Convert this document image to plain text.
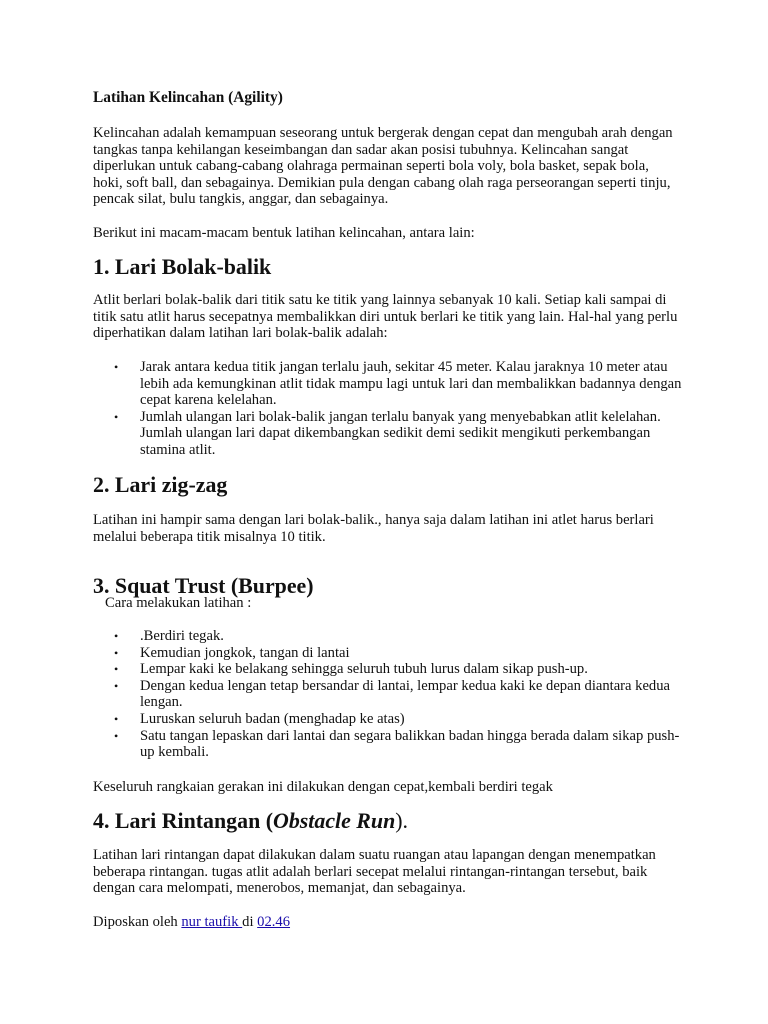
Latihan Kelincahan (Agility)

Kelincahan adalah kemampuan seseorang untuk bergerak dengan cepat dan mengubah arah dengan tangkas tanpa kehilangan keseimbangan dan sadar akan posisi tubuhnya. Kelincahan sangat diperlukan untuk cabang-cabang olahraga permainan seperti bola voly, bola basket, sepak bola, hoki, soft ball, dan sebagainya. Demikian pula dengan cabang olah raga perseorangan seperti tinju, pencak silat, bulu tangkis, anggar, dan sebagainya.

Berikut ini macam-macam bentuk latihan kelincahan, antara lain:

1. Lari Bolak-balik

Atlit berlari bolak-balik dari titik satu ke titik yang lainnya sebanyak 10 kali. Setiap kali sampai di titik satu atlit harus secepatnya membalikkan diri untuk berlari ke titik yang lain. Hal-hal yang perlu diperhatikan dalam latihan lari bolak-balik adalah:

• Jarak antara kedua titik jangan terlalu jauh, sekitar 45 meter. Kalau jaraknya 10 meter atau lebih ada kemungkinan atlit tidak mampu lagi untuk lari dan membalikkan badannya dengan cepat karena kelelahan.
• Jumlah ulangan lari bolak-balik jangan terlalu banyak yang menyebabkan atlit kelelahan. Jumlah ulangan lari dapat dikembangkan sedikit demi sedikit mengikuti perkembangan stamina atlit.
2. Lari zig-zag

Latihan ini hampir sama dengan lari bolak-balik., hanya saja dalam latihan ini atlet harus berlari melalui beberapa titik misalnya 10 titik.

3. Squat Trust (Burpee)

Cara melakukan latihan :

• .Berdiri tegak.
• Kemudian jongkok, tangan di lantai
• Lempar kaki ke belakang sehingga seluruh tubuh lurus dalam sikap push-up.
• Dengan kedua lengan tetap bersandar di lantai, lempar kedua kaki ke depan diantara kedua lengan.
• Luruskan seluruh badan (menghadap ke atas)
• Satu tangan lepaskan dari lantai dan segara balikkan badan hingga berada dalam sikap push-up kembali.

Keseluruh rangkaian gerakan ini dilakukan dengan cepat,kembali berdiri tegak

4. Lari Rintangan (Obstacle Run).

Latihan lari rintangan dapat dilakukan dalam suatu ruangan atau lapangan dengan menempatkan beberapa rintangan. tugas atlit adalah berlari secepat melalui rintangan-rintangan tersebut, baik dengan cara melompati, menerobos, memanjat, dan sebagainya.

Diposkan oleh nur taufik di 02.46
